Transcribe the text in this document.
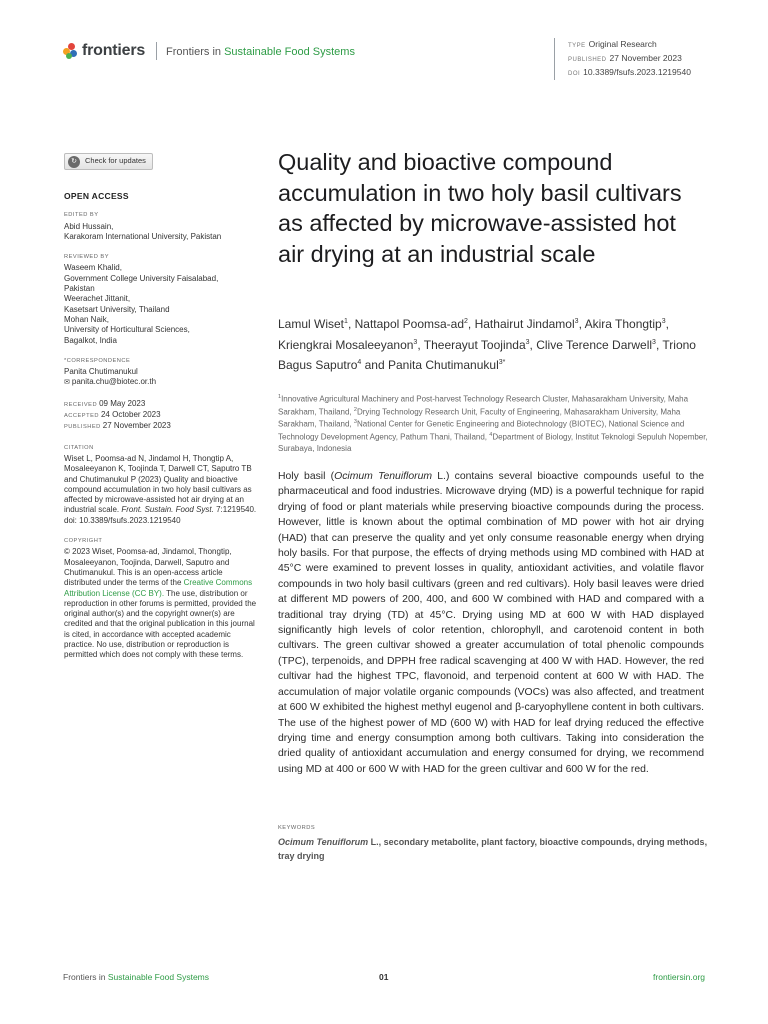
frontiers Frontiers in Sustainable Food Systems	TYPE Original Research
PUBLISHED 27 November 2023
DOI 10.3389/fsufs.2023.1219540
↻	Check for updates
OPEN ACCESS
EDITED BY
Abid Hussain,
Karakoram International University, Pakistan
REVIEWED BY
Waseem Khalid,
Government College University Faisalabad,
Pakistan
Weerachet Jittanit,
Kasetsart University, Thailand
Mohan Naik,
University of Horticultural Sciences,
Bagalkot, India
*CORRESPONDENCE
Panita Chutimanukul
✉ panita.chu@biotec.or.th
RECEIVED 09 May 2023
ACCEPTED 24 October 2023
PUBLISHED 27 November 2023
CITATION
Wiset L, Poomsa-ad N, Jindamol H, Thongtip A, Mosaleeyanon K, Toojinda T, Darwell CT, Saputro TB and Chutimanukul P (2023) Quality and bioactive compound accumulation in two holy basil cultivars as affected by microwave-assisted hot air drying at an industrial scale. Front. Sustain. Food Syst. 7:1219540.
doi: 10.3389/fsufs.2023.1219540
COPYRIGHT
© 2023 Wiset, Poomsa-ad, Jindamol, Thongtip, Mosaleeyanon, Toojinda, Darwell, Saputro and Chutimanukul. This is an open-access article distributed under the terms of the Creative Commons Attribution License (CC BY). The use, distribution or reproduction in other forums is permitted, provided the original author(s) and the copyright owner(s) are credited and that the original publication in this journal is cited, in accordance with accepted academic practice. No use, distribution or reproduction is permitted which does not comply with these terms.
Quality and bioactive compound accumulation in two holy basil cultivars as affected by microwave-assisted hot air drying at an industrial scale
Lamul Wiset$^1$, Nattapol Poomsa-$ad^2$, Hathairut Jindamol$^3$, Akira Thongtip$^3$, Kriengkrai Mosaleeyanon$^3$, Theerayut Toojinda$^3$, Clive Terence Darwell$^3$, Triono Bagus Saputro$^4$ and Panita Chutimanukul$^{3*}$
$^1$Innovative Agricultural Machinery and Post-harvest Technology Research Cluster, Mahasarakham University, Maha Sarakham, Thailand, $^2$Drying Technology Research Unit, Faculty of Engineering, Mahasarakham University, Maha Sarakham, Thailand, $^3$National Center for Genetic Engineering and Biotechnology (BIOTEC), National Science and Technology Development Agency, Pathum Thani, Thailand, $^4$Department of Biology, Institut Teknologi Sepuluh Nopember, Surabaya, Indonesia
Holy basil (Ocimum Tenuiflorum L.) contains several bioactive compounds useful to the pharmaceutical and food industries. Microwave drying (MD) is a powerful technique for rapid drying of food or plant materials while preserving bioactive compounds during the process. However, little is known about the optimal combination of MD power with hot air drying (HAD) that can preserve the quality and yet only consume reasonable energy when drying holy basils. For that purpose, the effects of drying methods using MD combined with HAD at 45°C were examined to prevent losses in quality, antioxidant activities, and volatile flavor compounds in two holy basil cultivars (green and red cultivars). Holy basil leaves were dried at different MD powers of 200, 400, and 600 W combined with HAD and compared with a traditional tray drying (TD) at 45°C. Drying using MD at 600 W with HAD displayed significantly high levels of color retention, chlorophyll, and carotenoid content in both cultivars. The green cultivar showed a greater accumulation of total phenolic compounds (TPC), terpenoids, and DPPH free radical scavenging at 400 W with HAD. However, the red cultivar had the highest TPC, flavonoid, and terpenoid content at 600 W with HAD. The accumulation of major volatile organic compounds (VOCs) was also affected, and treatment at 600 W exhibited the highest methyl eugenol and β-caryophyllene content in both cultivars. The use of the highest power of MD (600 W) with HAD for leaf drying reduced the effective drying time and energy consumption among both cultivars. Taking into consideration the dried quality of antioxidant accumulation and energy consumed for drying, we recommend using MD at 400 or 600 W with HAD for the green cultivar and 600 W for the red.
KEYWORDS
Ocimum Tenuiflorum L., secondary metabolite, plant factory, bioactive compounds, drying methods, tray drying
Frontiers in Sustainable Food Systems	01	frontiersin.org
